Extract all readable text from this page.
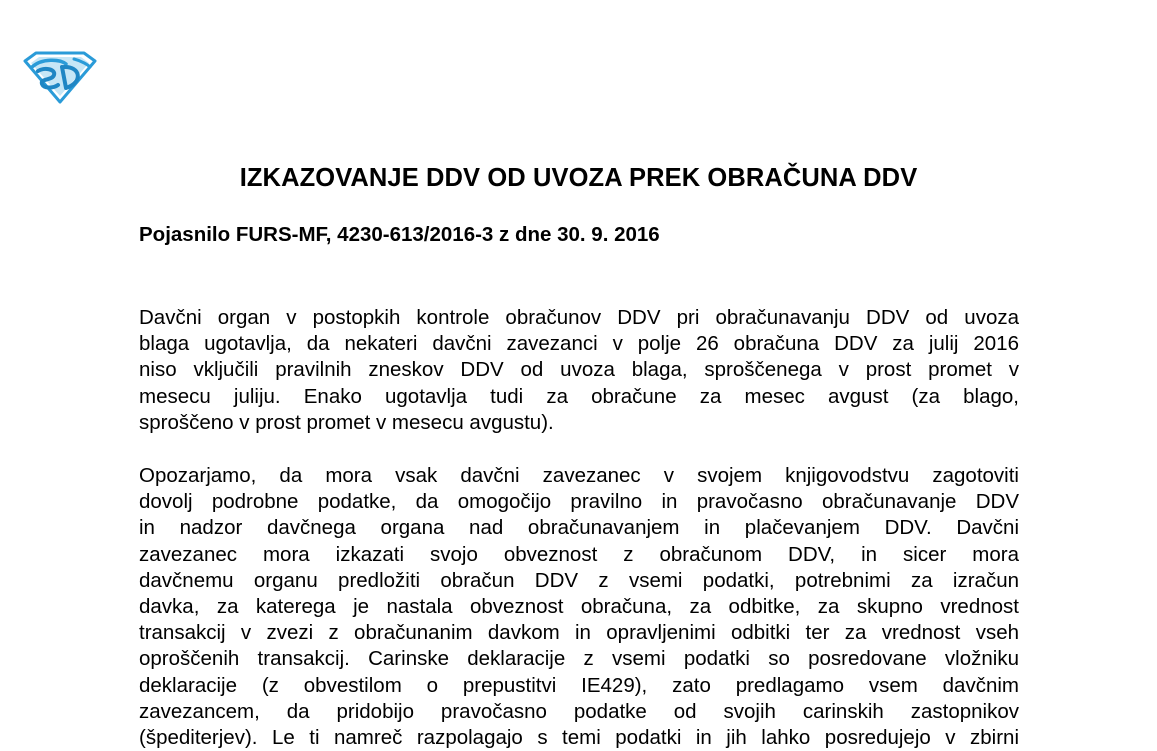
IZKAZOVANJE DDV OD UVOZA PREK OBRAČUNA DDV
Pojasnilo FURS-MF, 4230-613/2016-3 z dne 30. 9. 2016
Davčni organ v postopkih kontrole obračunov DDV pri obračunavanju DDV od uvoza
blaga ugotavlja, da nekateri davčni zavezanci v polje 26 obračuna DDV za julij 2016
niso vključili pravilnih zneskov DDV od uvoza blaga, sproščenega v prost promet v
mesecu juliju. Enako ugotavlja tudi za obračune za mesec avgust (za blago,
sproščeno v prost promet v mesecu avgustu).
Opozarjamo, da mora vsak davčni zavezanec v svojem knjigovodstvu zagotoviti
dovolj podrobne podatke, da omogočijo pravilno in pravočasno obračunavanje DDV
in nadzor davčnega organa nad obračunavanjem in plačevanjem DDV. Davčni
zavezanec mora izkazati svojo obveznost z obračunom DDV, in sicer mora
davčnemu organu predložiti obračun DDV z vsemi podatki, potrebnimi za izračun
davka, za katerega je nastala obveznost obračuna, za odbitke, za skupno vrednost
transakcij v zvezi z obračunanim davkom in opravljenimi odbitki ter za vrednost vseh
oproščenih transakcij. Carinske deklaracije z vsemi podatki so posredovane vložniku
deklaracije (z obvestilom o prepustitvi IE429), zato predlagamo vsem davčnim
zavezancem, da pridobijo pravočasno podatke od svojih carinskih zastopnikov
(špediterjev). Le ti namreč razpolagajo s temi podatki in jih lahko posredujejo v zbirni
